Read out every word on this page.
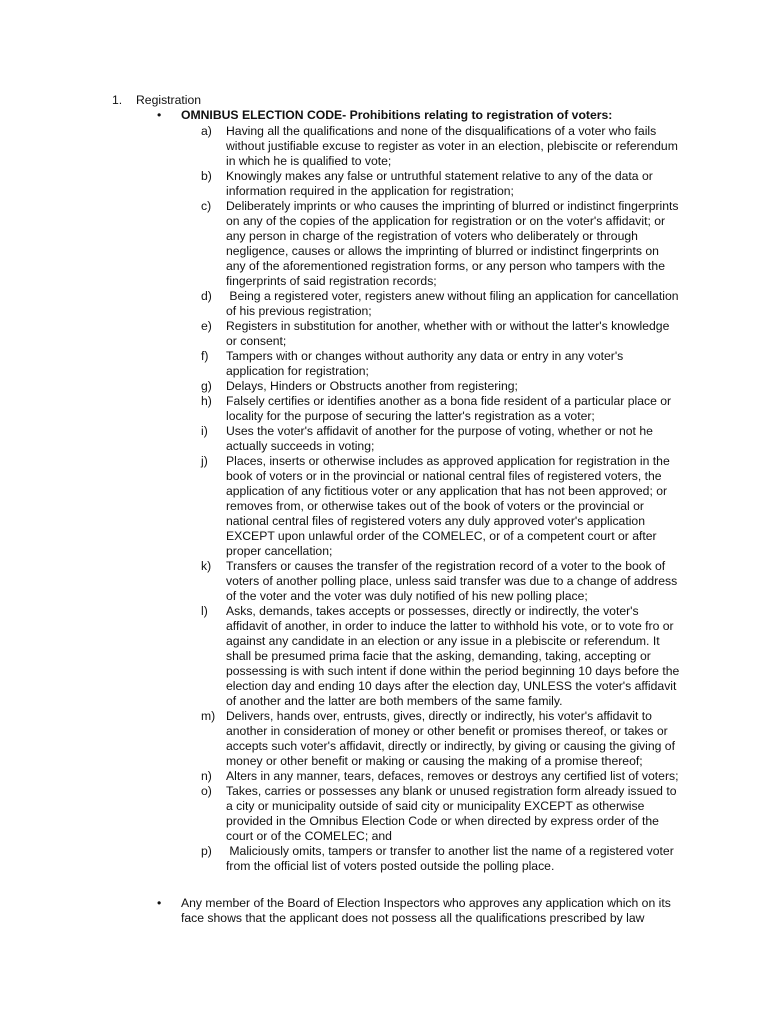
1. Registration
• OMNIBUS ELECTION CODE- Prohibitions relating to registration of voters:
a)	Having all the qualifications and none of the disqualifications of a voter who fails without justifiable excuse to register as voter in an election, plebiscite or referendum in which he is qualified to vote;
b)	Knowingly makes any false or untruthful statement relative to any of the data or information required in the application for registration;
c)	Deliberately imprints or who causes the imprinting of blurred or indistinct fingerprints on any of the copies of the application for registration or on the voter's affidavit; or any person in charge of the registration of voters who deliberately or through negligence, causes or allows the imprinting of blurred or indistinct fingerprints on any of the aforementioned registration forms, or any person who tampers with the fingerprints of said registration records;
d)	Being a registered voter, registers anew without filing an application for cancellation of his previous registration;
e)	Registers in substitution for another, whether with or without the latter's knowledge or consent;
f)	Tampers with or changes without authority any data or entry in any voter's application for registration;
g)	Delays, Hinders or Obstructs another from registering;
h)	Falsely certifies or identifies another as a bona fide resident of a particular place or locality for the purpose of securing the latter's registration as a voter;
i)	Uses the voter's affidavit of another for the purpose of voting, whether or not he actually succeeds in voting;
j)	Places, inserts or otherwise includes as approved application for registration in the book of voters or in the provincial or national central files of registered voters, the application of any fictitious voter or any application that has not been approved; or removes from, or otherwise takes out of the book of voters or the provincial or national central files of registered voters any duly approved voter's application EXCEPT upon unlawful order of the COMELEC, or of a competent court or after proper cancellation;
k)	Transfers or causes the transfer of the registration record of a voter to the book of voters of another polling place, unless said transfer was due to a change of address of the voter and the voter was duly notified of his new polling place;
l)	Asks, demands, takes accepts or possesses, directly or indirectly, the voter's affidavit of another, in order to induce the latter to withhold his vote, or to vote fro or against any candidate in an election or any issue in a plebiscite or referendum. It shall be presumed prima facie that the asking, demanding, taking, accepting or possessing is with such intent if done within the period beginning 10 days before the election day and ending 10 days after the election day, UNLESS the voter's affidavit of another and the latter are both members of the same family.
m) Delivers, hands over, entrusts, gives, directly or indirectly, his voter's affidavit to another in consideration of money or other benefit or promises thereof, or takes or accepts such voter's affidavit, directly or indirectly, by giving or causing the giving of money or other benefit or making or causing the making of a promise thereof;
n)	Alters in any manner, tears, defaces, removes or destroys any certified list of voters;
o)	Takes, carries or possesses any blank or unused registration form already issued to a city or municipality outside of said city or municipality EXCEPT as otherwise provided in the Omnibus Election Code or when directed by express order of the court or of the COMELEC; and
p)	Maliciously omits, tampers or transfer to another list the name of a registered voter from the official list of voters posted outside the polling place.
•	Any member of the Board of Election Inspectors who approves any application which on its face shows that the applicant does not possess all the qualifications prescribed by law
